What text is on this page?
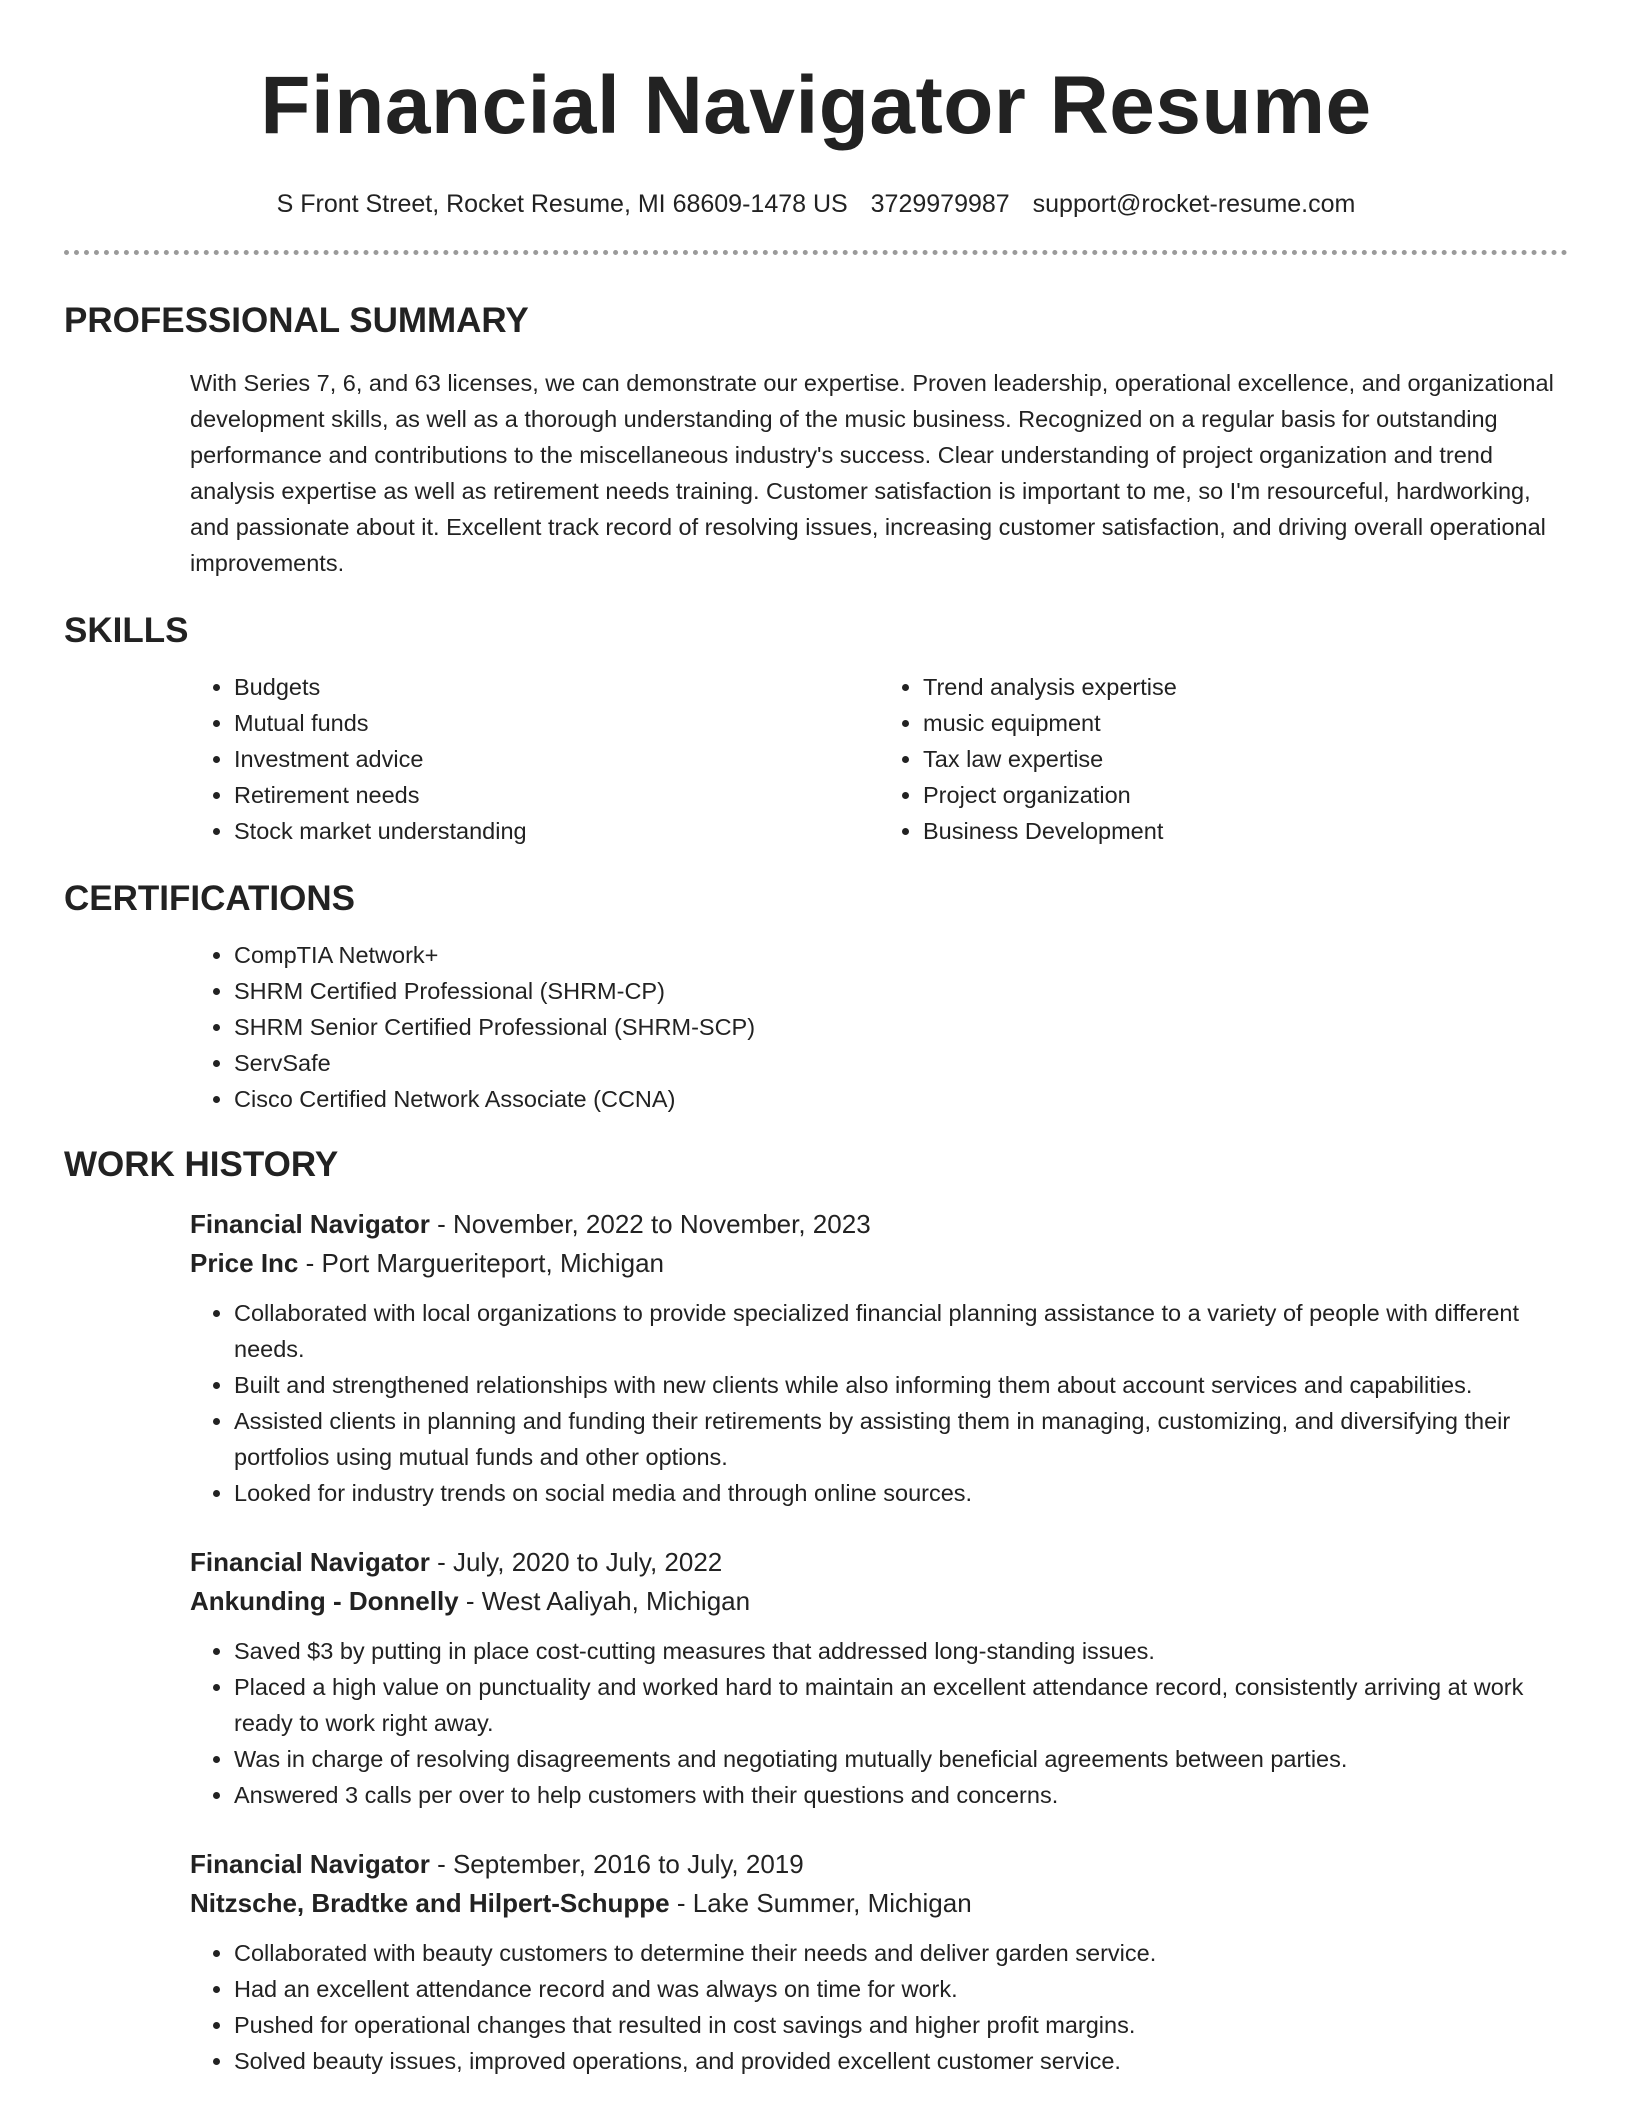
Financial Navigator Resume
S Front Street, Rocket Resume, MI 68609-1478 US 3729979987 support@rocket-resume.com
PROFESSIONAL SUMMARY

With Series 7, 6, and 63 licenses, we can demonstrate our expertise. Proven leadership, operational excellence, and organizational development skills, as well as a thorough understanding of the music business. Recognized on a regular basis for outstanding performance and contributions to the miscellaneous industry's success. Clear understanding of project organization and trend analysis expertise as well as retirement needs training. Customer satisfaction is important to me, so I'm resourceful, hardworking, and passionate about it. Excellent track record of resolving issues, increasing customer satisfaction, and driving overall operational improvements.

SKILLS
• Budgets
• Mutual funds
• Investment advice
• Retirement needs
• Stock market understanding
• Trend analysis expertise
• music equipment
• Tax law expertise
• Project organization
• Business Development
CERTIFICATIONS
• CompTIA Network+
• SHRM Certified Professional (SHRM-CP)
• SHRM Senior Certified Professional (SHRM-SCP)
• ServSafe
• Cisco Certified Network Associate (CCNA)
WORK HISTORY
Financial Navigator - November, 2022 to November, 2023
Price Inc - Port Margueriteport, Michigan
• Collaborated with local organizations to provide specialized financial planning assistance to a variety of people with different needs.
• Built and strengthened relationships with new clients while also informing them about account services and capabilities.
• Assisted clients in planning and funding their retirements by assisting them in managing, customizing, and diversifying their portfolios using mutual funds and other options.
• Looked for industry trends on social media and through online sources.
Financial Navigator - July, 2020 to July, 2022
Ankunding - Donnelly - West Aaliyah, Michigan
• Saved $3 by putting in place cost-cutting measures that addressed long-standing issues.
• Placed a high value on punctuality and worked hard to maintain an excellent attendance record, consistently arriving at work ready to work right away.
• Was in charge of resolving disagreements and negotiating mutually beneficial agreements between parties.
• Answered 3 calls per over to help customers with their questions and concerns.
Financial Navigator - September, 2016 to July, 2019
Nitzsche, Bradtke and Hilpert-Schuppe - Lake Summer, Michigan
• Collaborated with beauty customers to determine their needs and deliver garden service.
• Had an excellent attendance record and was always on time for work.
• Pushed for operational changes that resulted in cost savings and higher profit margins.
• Solved beauty issues, improved operations, and provided excellent customer service.
